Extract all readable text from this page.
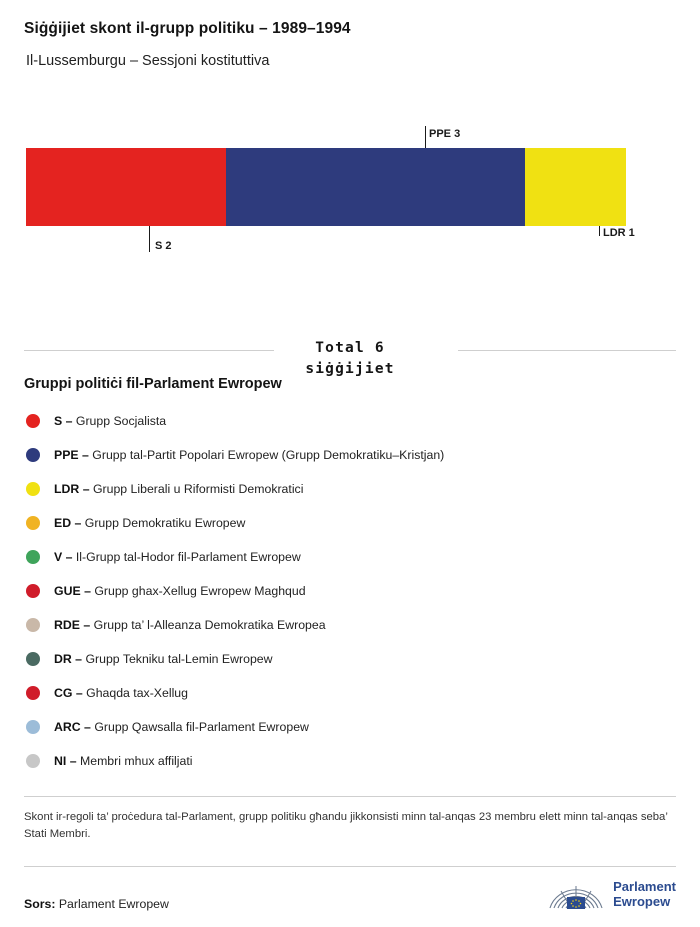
Siġġijiet skont il-grupp politiku – 1989–1994
Il-Lussemburgu – Sessjoni kostituttiva
PPE 3
S 2
LDR 1
Total 6
siġġijiet
Gruppi politiċi fil-Parlament Ewropew
S – Grupp Socjalista
PPE – Grupp tal-Partit Popolari Ewropew (Grupp Demokratiku–Kristjan)
LDR – Grupp Liberali u Riformisti Demokratici
ED – Grupp Demokratiku Ewropew
V – Il-Grupp tal-Hodor fil-Parlament Ewropew
GUE – Grupp ghax-Xellug Ewropew Maghqud
RDE – Grupp ta’ l-Alleanza Demokratika Ewropea
DR – Grupp Tekniku tal-Lemin Ewropew
CG – Ghaqda tax-Xellug
ARC – Grupp Qawsalla fil-Parlament Ewropew
NI – Membri mhux affiljati
Skont ir-regoli ta’ proċedura tal-Parlament, grupp politiku għandu jikkonsisti minn tal-anqas 23 membru elett minn tal-anqas seba’ Stati Membri.
Sors: Parlament Ewropew
Parlament
Ewropew
